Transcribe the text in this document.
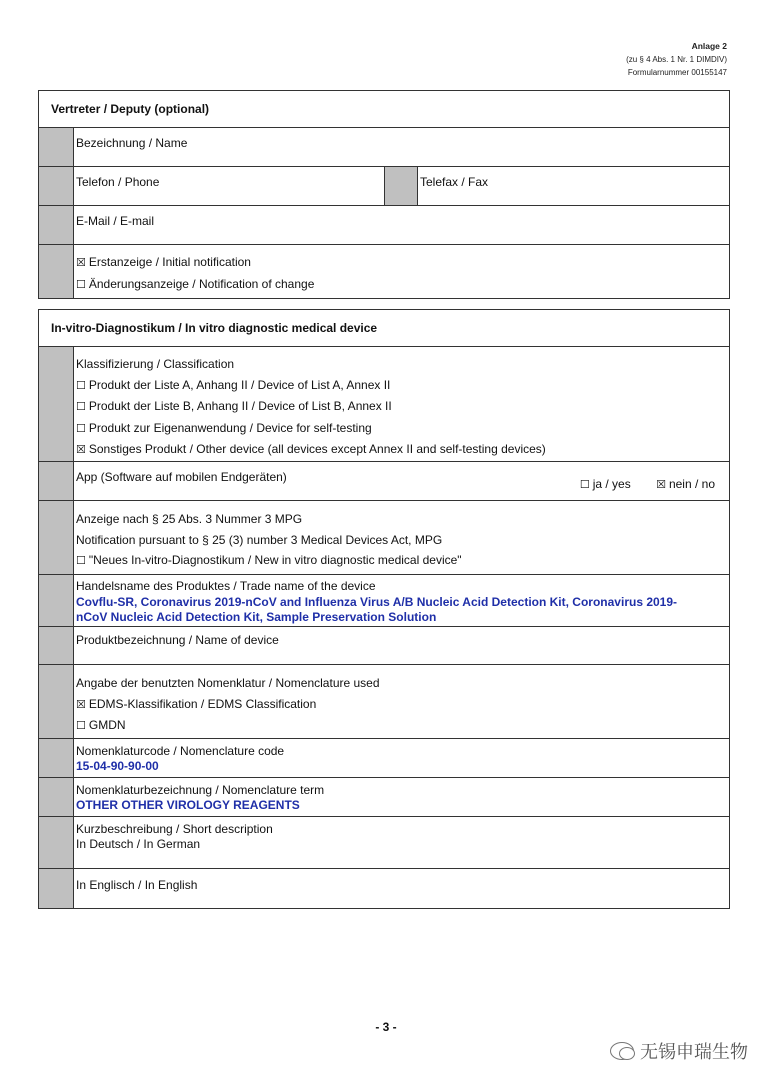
Anlage 2
(zu § 4 Abs. 1 Nr. 1 DIMDIV)
Formularnummer 00155147
Vertreter / Deputy (optional)
Bezeichnung / Name
Telefon / Phone	Telefax / Fax
E-Mail / E-mail
☒ Erstanzeige / Initial notification
☐ Änderungsanzeige / Notification of change
In-vitro-Diagnostikum / In vitro diagnostic medical device
Klassifizierung / Classification
☐ Produkt der Liste A, Anhang II / Device of List A, Annex II
☐ Produkt der Liste B, Anhang II / Device of List B, Annex II
☐ Produkt zur Eigenanwendung / Device for self-testing
☒ Sonstiges Produkt / Other device (all devices except Annex II and self-testing devices)
App (Software auf mobilen Endgeräten)
☐ ja / yes ☒ nein / no
Anzeige nach § 25 Abs. 3 Nummer 3 MPG
Notification pursuant to § 25 (3) number 3 Medical Devices Act, MPG
☐ "Neues In-vitro-Diagnostikum / New in vitro diagnostic medical device"
Handelsname des Produktes / Trade name of the device
Covflu-SR, Coronavirus 2019-nCoV and Influenza Virus A/B Nucleic Acid Detection Kit, Coronavirus 2019-
nCoV Nucleic Acid Detection Kit, Sample Preservation Solution
Produktbezeichnung / Name of device
Angabe der benutzten Nomenklatur / Nomenclature used
☒ EDMS-Klassifikation / EDMS Classification
☐ GMDN
Nomenklaturcode / Nomenclature code
15-04-90-90-00
Nomenklaturbezeichnung / Nomenclature term
OTHER OTHER VIROLOGY REAGENTS
Kurzbeschreibung / Short description
In Deutsch / In German
In Englisch / In English
- 3 -
无锡申瑞生物
